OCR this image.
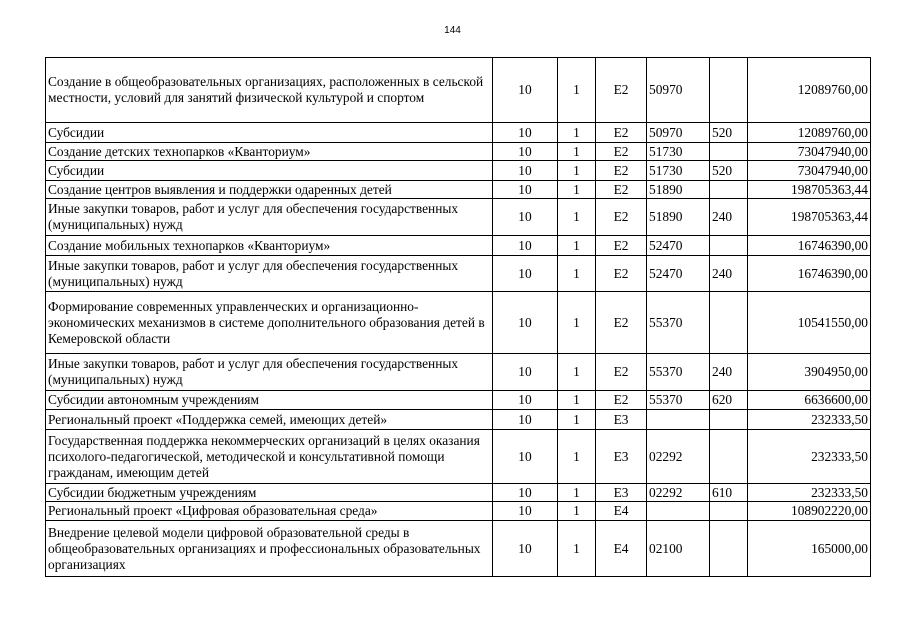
144
Создание в общеобразовательных организациях, расположенных в сельской местности, условий для занятий физической культурой и спортом	10	1	E2	50970		12089760,00
Субсидии	10	1	E2	50970	520	12089760,00
Создание детских технопарков «Кванториум»	10	1	E2	51730		73047940,00
Субсидии	10	1	E2	51730	520	73047940,00
Создание центров выявления и поддержки одаренных детей	10	1	E2	51890		198705363,44
Иные закупки товаров, работ и услуг для обеспечения государственных (муниципальных) нужд	10	1	E2	51890	240	198705363,44
Создание мобильных технопарков «Кванториум»	10	1	E2	52470		16746390,00
Иные закупки товаров, работ и услуг для обеспечения государственных (муниципальных) нужд	10	1	E2	52470	240	16746390,00
Формирование современных управленческих и организационно-экономических механизмов в системе дополнительного образования детей в Кемеровской области	10	1	E2	55370		10541550,00
Иные закупки товаров, работ и услуг для обеспечения государственных (муниципальных) нужд	10	1	E2	55370	240	3904950,00
Субсидии автономным учреждениям	10	1	E2	55370	620	6636600,00
Региональный проект «Поддержка семей, имеющих детей»	10	1	E3			232333,50
Государственная поддержка некоммерческих организаций в целях оказания психолого-педагогической, методической и консультативной помощи гражданам, имеющим детей	10	1	E3	02292		232333,50
Субсидии бюджетным учреждениям	10	1	E3	02292	610	232333,50
Региональный проект «Цифровая образовательная среда»	10	1	E4			108902220,00
Внедрение целевой модели цифровой образовательной среды в общеобразовательных организациях и профессиональных образовательных организациях	10	1	E4	02100		165000,00
